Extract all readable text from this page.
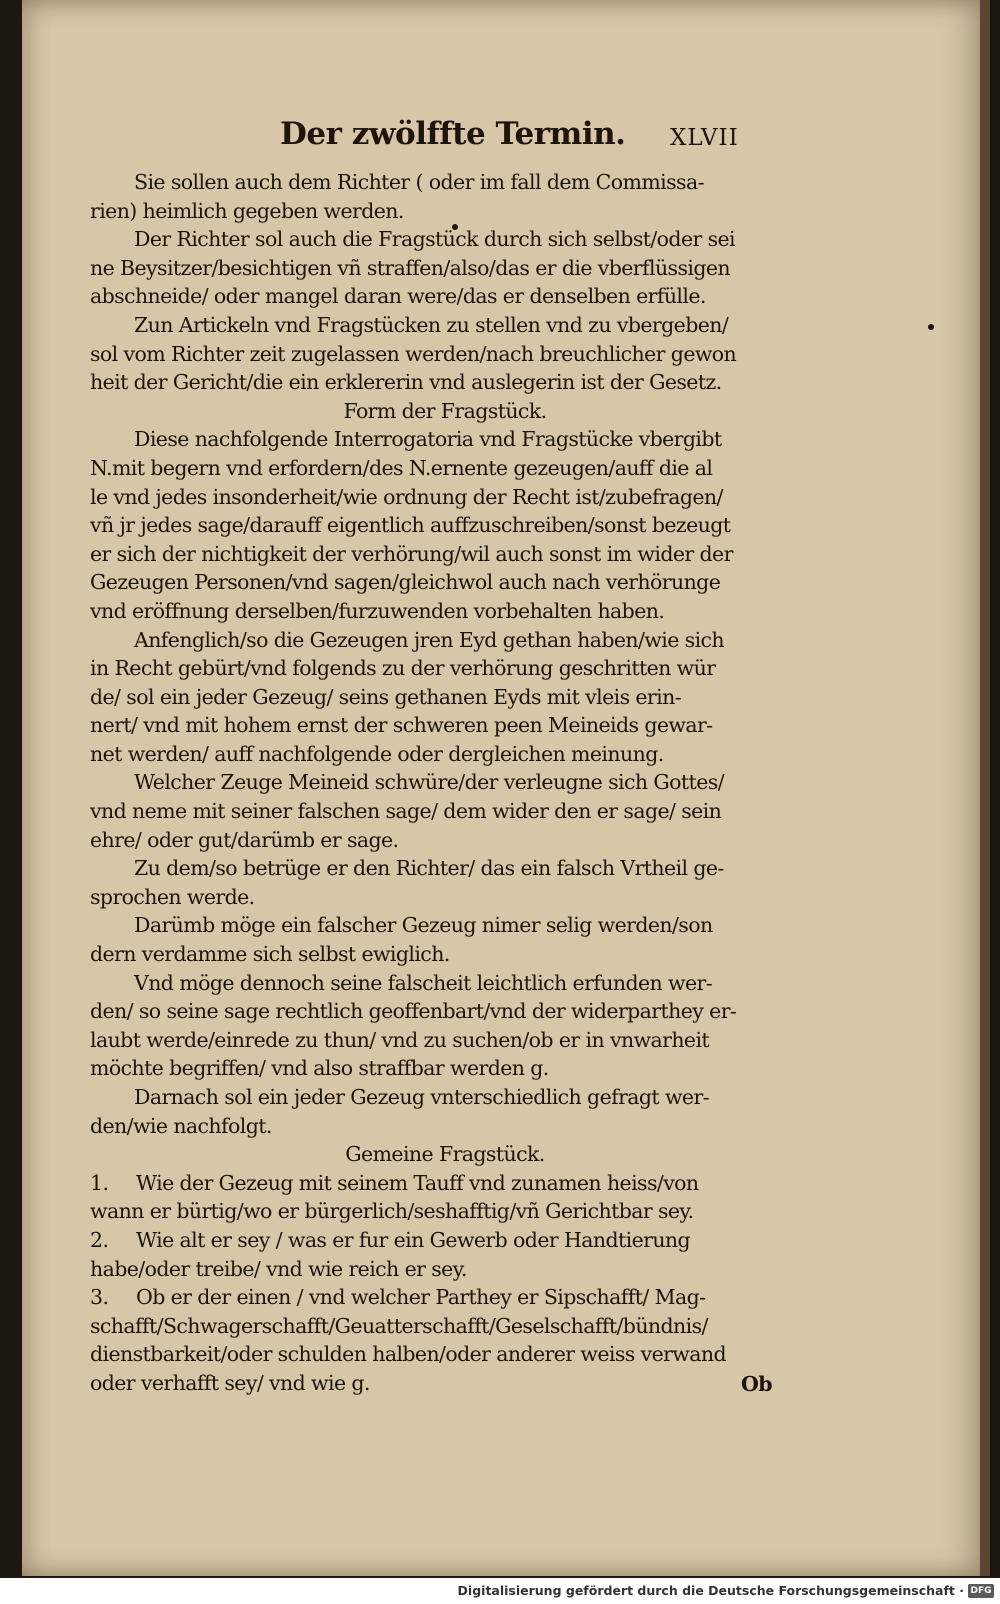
Der zwölffte Termin. XLVII
Sie sollen auch dem Richter ( oder im fall dem Commissa-
rien) heimlich gegeben werden.
Der Richter sol auch die Fragstück durch sich selbst/oder sei
ne Beysitzer/besichtigen vñ straffen/also/das er die vberflüssigen
abschneide/ oder mangel daran were/das er denselben erfülle.
Zun Artickeln vnd Fragstücken zu stellen vnd zu vbergeben/
sol vom Richter zeit zugelassen werden/nach breuchlicher gewon
heit der Gericht/die ein erklererin vnd auslegerin ist der Gesetz.
Form der Fragstück.
Diese nachfolgende Interrogatoria vnd Fragstücke vbergibt
N.mit begern vnd erfordern/des N.ernente gezeugen/auff die al
le vnd jedes insonderheit/wie ordnung der Recht ist/zubefragen/
vñ jr jedes sage/darauff eigentlich auffzuschreiben/sonst bezeugt
er sich der nichtigkeit der verhörung/wil auch sonst im wider der
Gezeugen Personen/vnd sagen/gleichwol auch nach verhörunge
vnd eröffnung derselben/furzuwenden vorbehalten haben.
Anfenglich/so die Gezeugen jren Eyd gethan haben/wie sich
in Recht gebürt/vnd folgends zu der verhörung geschritten wür
de/ sol ein jeder Gezeug/ seins gethanen Eyds mit vleis erin-
nert/ vnd mit hohem ernst der schweren peen Meineids gewar-
net werden/ auff nachfolgende oder dergleichen meinung.
Welcher Zeuge Meineid schwüre/der verleugne sich Gottes/
vnd neme mit seiner falschen sage/ dem wider den er sage/ sein
ehre/ oder gut/darümb er sage.
Zu dem/so betrüge er den Richter/ das ein falsch Vrtheil ge-
sprochen werde.
Darümb möge ein falscher Gezeug nimer selig werden/son
dern verdamme sich selbst ewiglich.
Vnd möge dennoch seine falscheit leichtlich erfunden wer-
den/ so seine sage rechtlich geoffenbart/vnd der widerparthey er-
laubt werde/einrede zu thun/ vnd zu suchen/ob er in vnwarheit
möchte begriffen/ vnd also straffbar werden g.
Darnach sol ein jeder Gezeug vnterschiedlich gefragt wer-
den/wie nachfolgt.
Gemeine Fragstück.
1. Wie der Gezeug mit seinem Tauff vnd zunamen heiss/von
wann er bürtig/wo er bürgerlich/seshafftig/vñ Gerichtbar sey.
2. Wie alt er sey / was er fur ein Gewerb oder Handtierung
habe/oder treibe/ vnd wie reich er sey.
3. Ob er der einen / vnd welcher Parthey er Sipschafft/ Mag-
schafft/Schwagerschafft/Geuatterschafft/Geselschafft/bündnis/
dienstbarkeit/oder schulden halben/oder anderer weiss verwand
oder verhafft sey/ vnd wie g.	Ob
Digitalisierung gefördert durch die Deutsche Forschungsgemeinschaft · DFG
